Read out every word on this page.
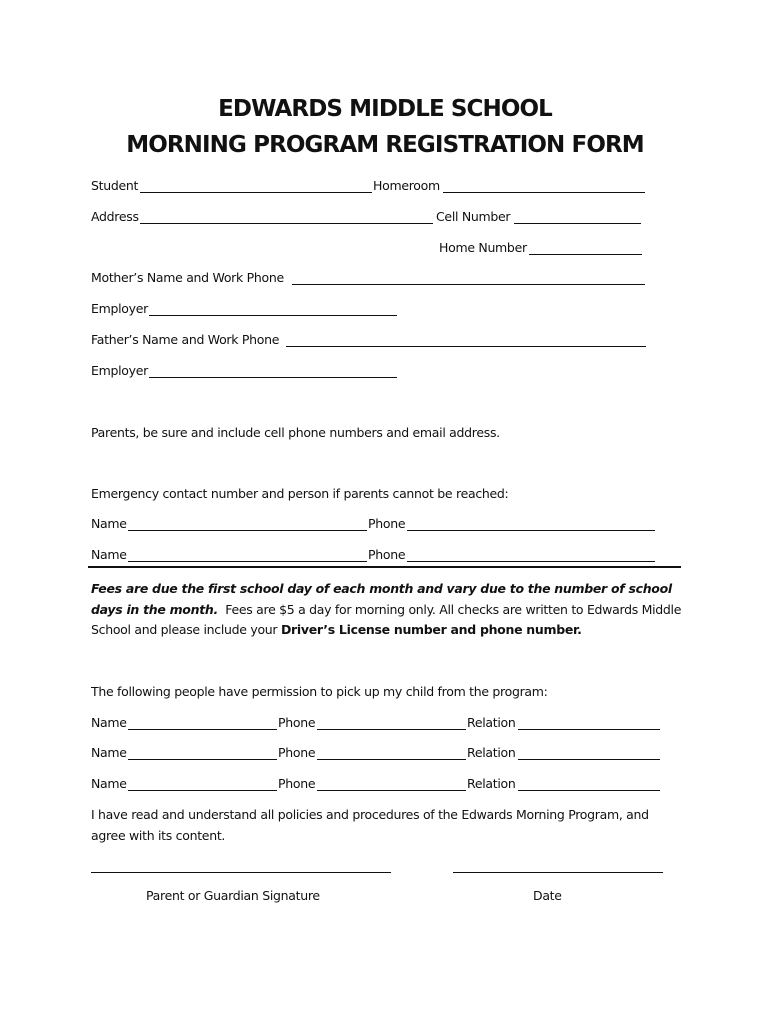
EDWARDS MIDDLE SCHOOL
MORNING PROGRAM REGISTRATION FORM
Student	Homeroom
Address	Cell Number
Home Number
Mother’s Name and Work Phone
Employer
Father’s Name and Work Phone
Employer
Parents, be sure and include cell phone numbers and email address.
Emergency contact number and person if parents cannot be reached:
Name	Phone
Name	Phone
Fees are due the first school day of each month and vary due to the number of school days in the month. Fees are $5 a day for morning only. All checks are written to Edwards Middle School and please include your Driver’s License number and phone number.
The following people have permission to pick up my child from the program:
Name	Phone	Relation
Name	Phone	Relation
Name	Phone	Relation
I have read and understand all policies and procedures of the Edwards Morning Program, and agree with its content.
Parent or Guardian Signature	Date
